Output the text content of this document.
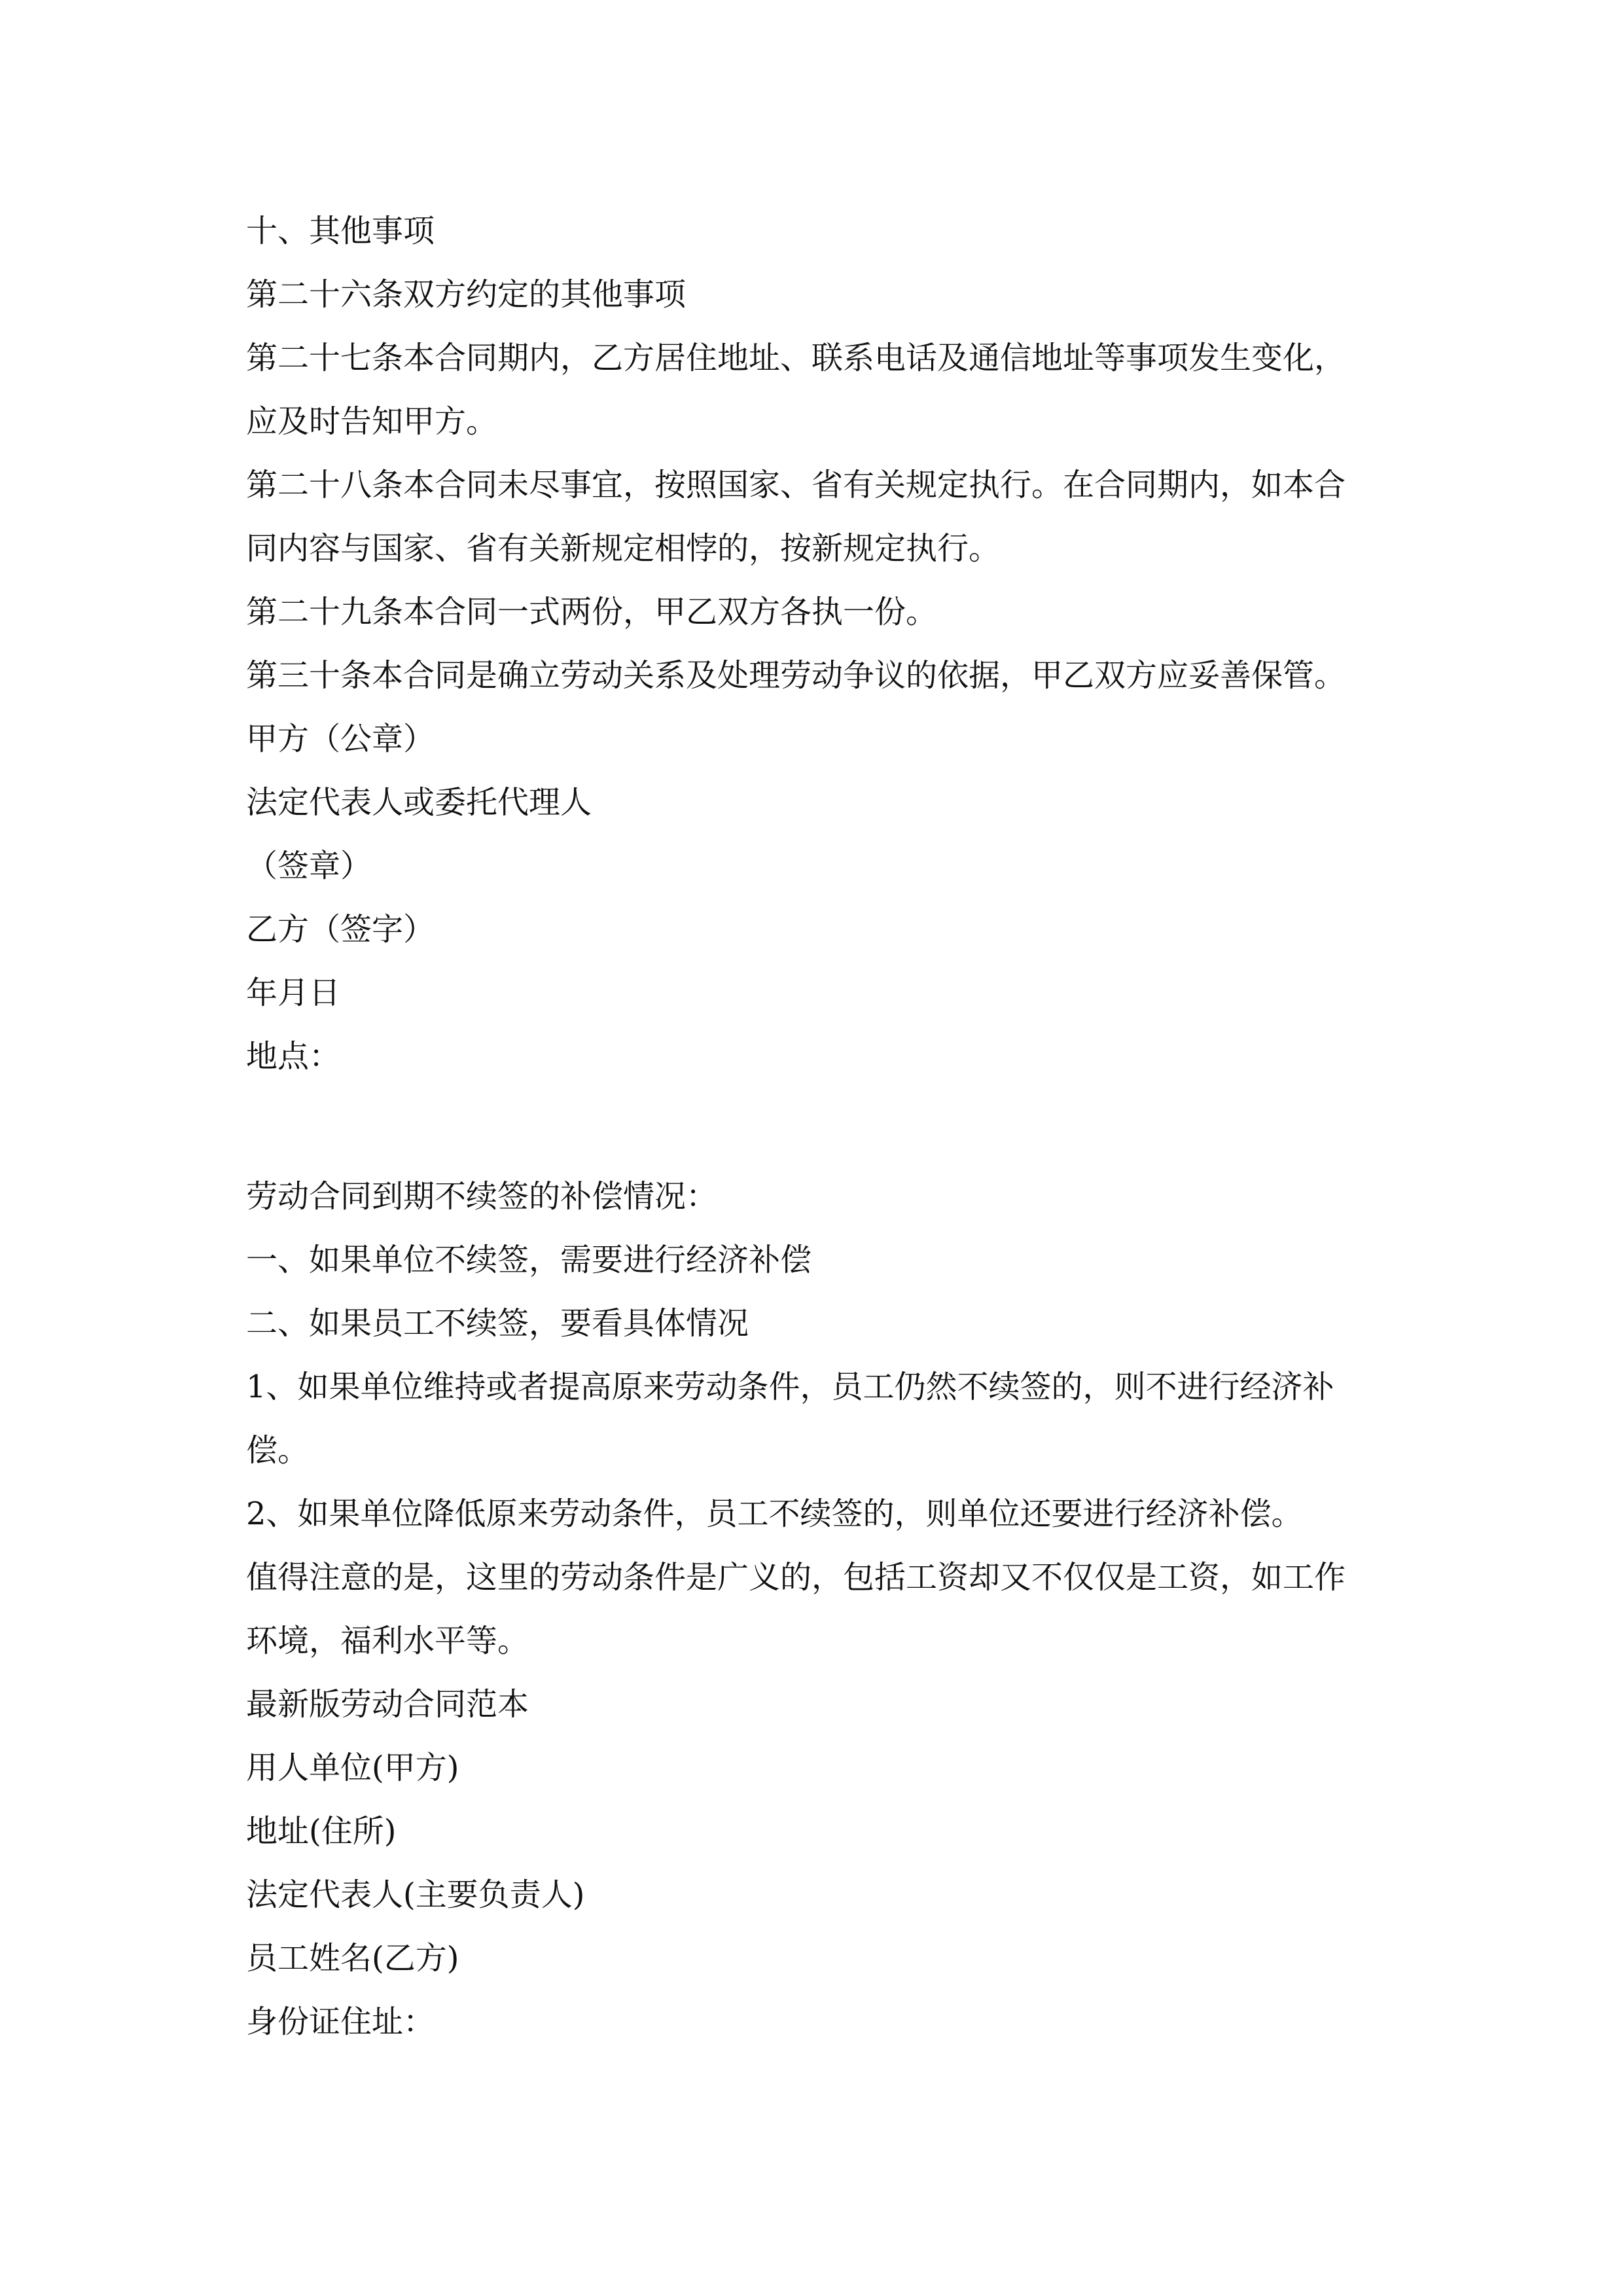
十、其他事项

第二十六条双方约定的其他事项

第二十七条本合同期内，乙方居住地址、联系电话及通信地址等事项发生变化，

应及时告知甲方。

第二十八条本合同未尽事宜，按照国家、省有关规定执行。在合同期内，如本合

同内容与国家、省有关新规定相悖的，按新规定执行。

第二十九条本合同一式两份，甲乙双方各执一份。

第三十条本合同是确立劳动关系及处理劳动争议的依据，甲乙双方应妥善保管。

甲方（公章）

法定代表人或委托代理人

（签章）

乙方（签字）

年月日

地点：

劳动合同到期不续签的补偿情况：

一、如果单位不续签，需要进行经济补偿

二、如果员工不续签，要看具体情况

1、如果单位维持或者提高原来劳动条件，员工仍然不续签的，则不进行经济补

偿。

2、如果单位降低原来劳动条件，员工不续签的，则单位还要进行经济补偿。

值得注意的是，这里的劳动条件是广义的，包括工资却又不仅仅是工资，如工作

环境，福利水平等。

最新版劳动合同范本

用人单位(甲方)

地址(住所)

法定代表人(主要负责人)

员工姓名(乙方)

身份证住址：
